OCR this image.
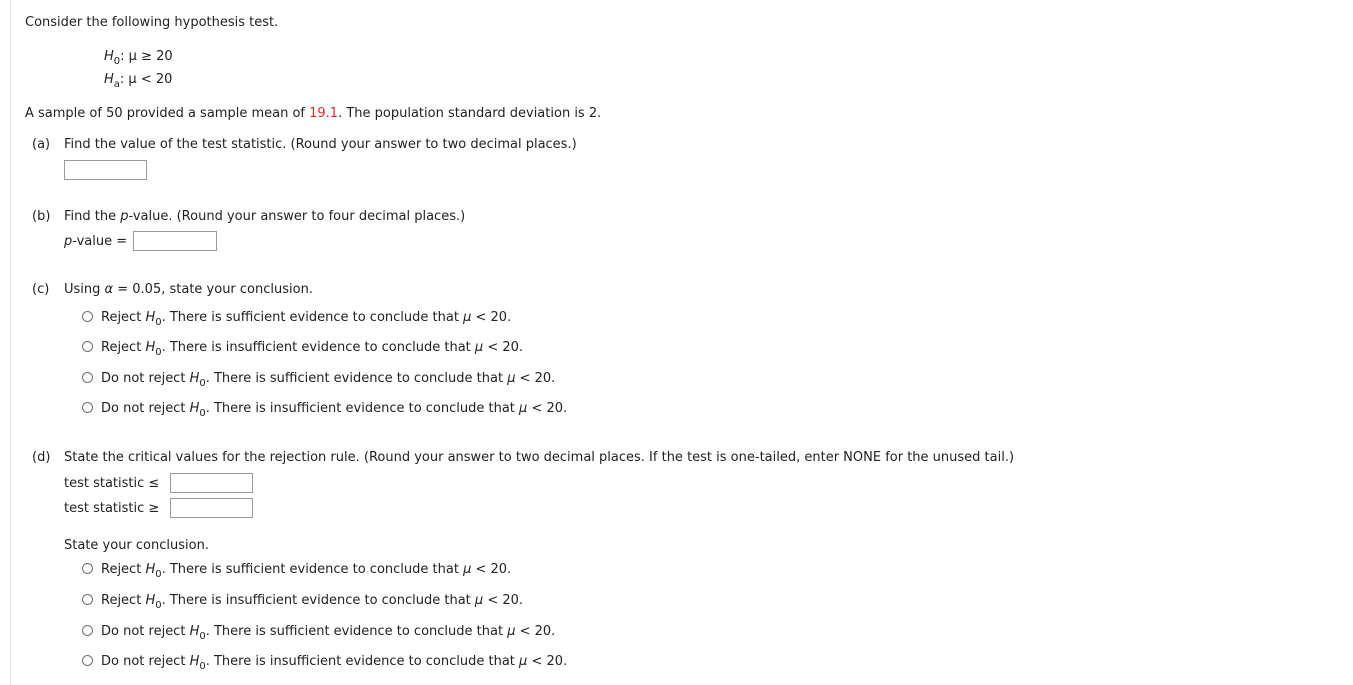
Consider the following hypothesis test.
$H_0$: μ ≥ 20
$H_a$: μ < 20
A sample of 50 provided a sample mean of 19.1. The population standard deviation is 2.
(a) Find the value of the test statistic. (Round your answer to two decimal places.)
(b) Find the p-value. (Round your answer to four decimal places.)
p-value =
(c) Using α = 0.05, state your conclusion.
Reject $H_0$. There is sufficient evidence to conclude that μ < 20.
Reject $H_0$. There is insufficient evidence to conclude that μ < 20.
Do not reject $H_0$. There is sufficient evidence to conclude that μ < 20.
Do not reject $H_0$. There is insufficient evidence to conclude that μ < 20.
(d) State the critical values for the rejection rule. (Round your answer to two decimal places. If the test is one-tailed, enter NONE for the unused tail.)
test statistic ≤
test statistic ≥
State your conclusion.
Reject $H_0$. There is sufficient evidence to conclude that μ < 20.
Reject $H_0$. There is insufficient evidence to conclude that μ < 20.
Do not reject $H_0$. There is sufficient evidence to conclude that μ < 20.
Do not reject $H_0$. There is insufficient evidence to conclude that μ < 20.
